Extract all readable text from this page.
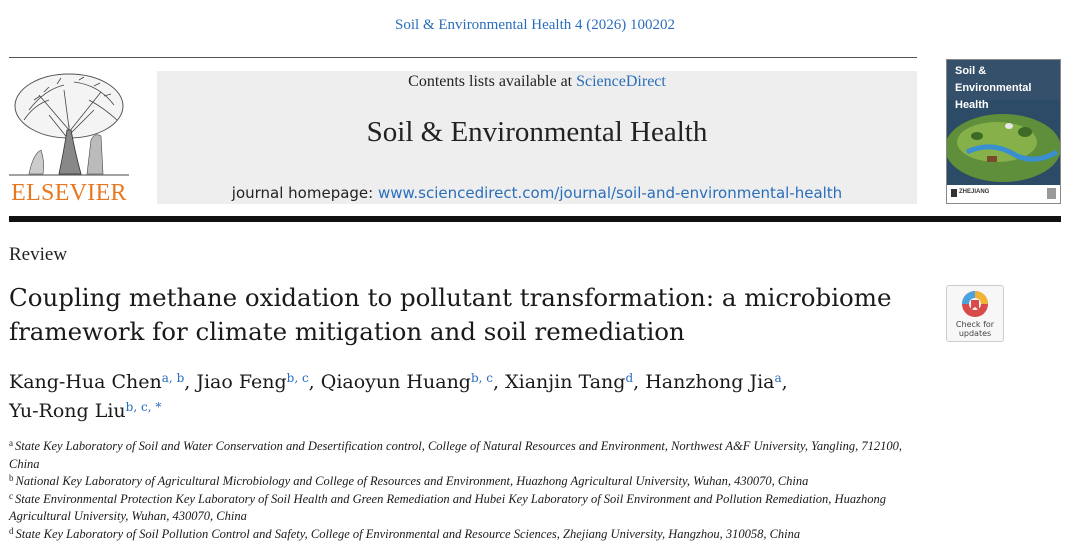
Soil & Environmental Health 4 (2026) 100202
ELSEVIER
Contents lists available at ScienceDirect
Soil & Environmental Health
journal homepage: www.sciencedirect.com/journal/soil-and-environmental-health
Soil & Environmental
Health
ZHEJIANG
Review
Coupling methane oxidation to pollutant transformation: a microbiome framework for climate mitigation and soil remediation	Check for
updates
Kang-Hua Chen$^{a, b}$, Jiao Feng$^{b, c}$, Qiaoyun Huang$^{b, c}$, Xianjin Tang$^d$, Hanzhong Jia$^a$,
Yu-Rong Liu$^{b, c, *}$
$^a$ State Key Laboratory of Soil and Water Conservation and Desertification control, College of Natural Resources and Environment, Northwest A&F University, Yangling, 712100, China
$^b$ National Key Laboratory of Agricultural Microbiology and College of Resources and Environment, Huazhong Agricultural University, Wuhan, 430070, China
$^c$ State Environmental Protection Key Laboratory of Soil Health and Green Remediation and Hubei Key Laboratory of Soil Environment and Pollution Remediation, Huazhong Agricultural University, Wuhan, 430070, China
$^d$ State Key Laboratory of Soil Pollution Control and Safety, College of Environmental and Resource Sciences, Zhejiang University, Hangzhou, 310058, China
